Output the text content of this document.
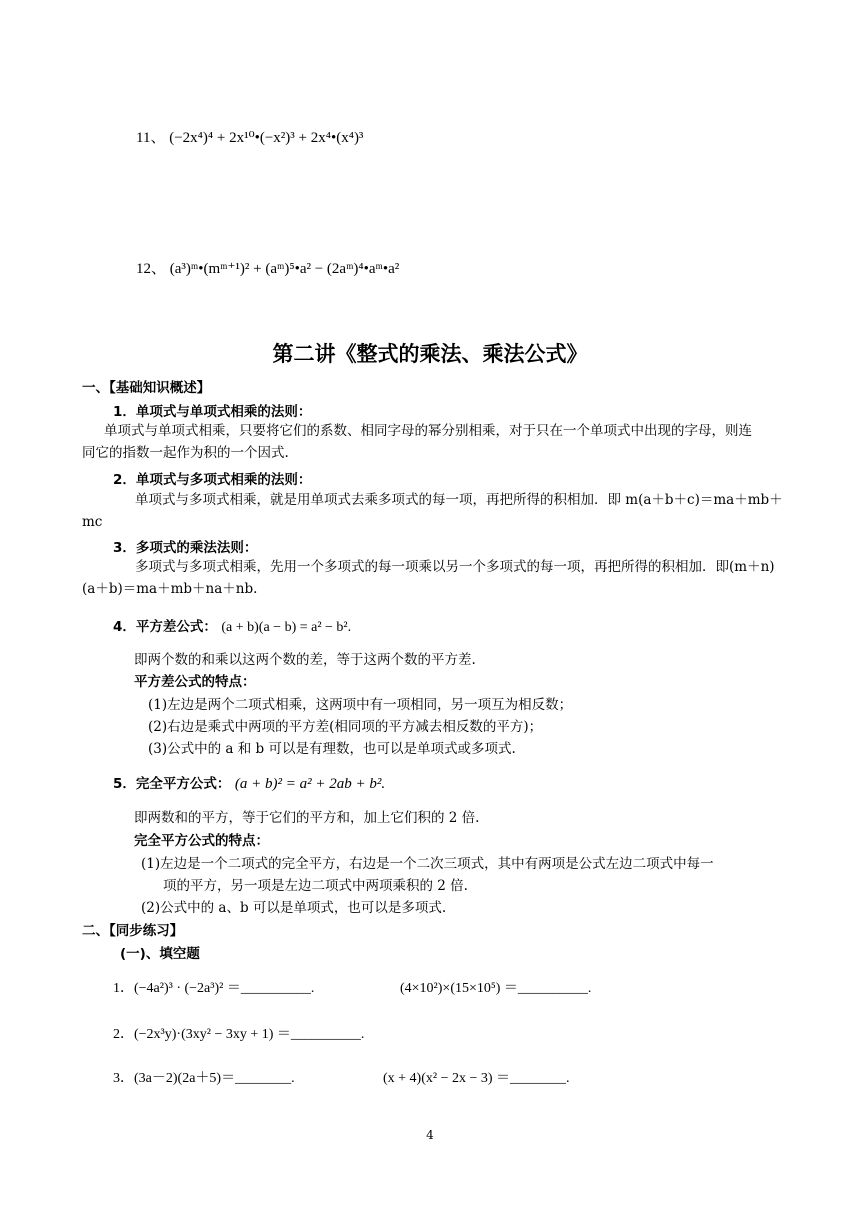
11、 (−2x⁴)⁴ + 2x¹⁰•(−x²)³ + 2x⁴•(x⁴)³
12、 (a³)ᵐ•(mᵐ⁺¹)² + (aᵐ)⁵•a² − (2aᵐ)⁴•aᵐ•a²
第二讲《整式的乘法、乘法公式》
一、【基础知识概述】
1．单项式与单项式相乘的法则：
单项式与单项式相乘，只要将它们的系数、相同字母的幂分别相乘，对于只在一个单项式中出现的字母，则连同它的指数一起作为积的一个因式.
2．单项式与多项式相乘的法则：
单项式与多项式相乘，就是用单项式去乘多项式的每一项，再把所得的积相加．即 m(a＋b＋c)＝ma＋mb＋mc
3．多项式的乘法法则：
多项式与多项式相乘，先用一个多项式的每一项乘以另一个多项式的每一项，再把所得的积相加．即(m＋n)(a＋b)＝ma＋mb＋na＋nb.
4．平方差公式： (a + b)(a − b) = a² − b².
即两个数的和乘以这两个数的差，等于这两个数的平方差.
平方差公式的特点：
(1)左边是两个二项式相乘，这两项中有一项相同，另一项互为相反数；
(2)右边是乘式中两项的平方差(相同项的平方减去相反数的平方)；
(3)公式中的 a 和 b 可以是有理数，也可以是单项式或多项式.
5．完全平方公式： (a + b)² = a² + 2ab + b².
即两数和的平方，等于它们的平方和，加上它们积的 2 倍.
完全平方公式的特点：
(1)左边是一个二项式的完全平方，右边是一个二次三项式，其中有两项是公式左边二项式中每一
项的平方，另一项是左边二项式中两项乘积的 2 倍.
(2)公式中的 a、b 可以是单项式，也可以是多项式.
二、【同步练习】
(一)、填空题
1．(−4a²)³ · (−2a³)² ＝__________.	(4×10²)×(15×10⁵) ＝__________.
2．(−2x³y)·(3xy² − 3xy + 1) ＝__________.
3．(3a－2)(2a＋5)＝________.	(x + 4)(x² − 2x − 3) ＝________.
4
